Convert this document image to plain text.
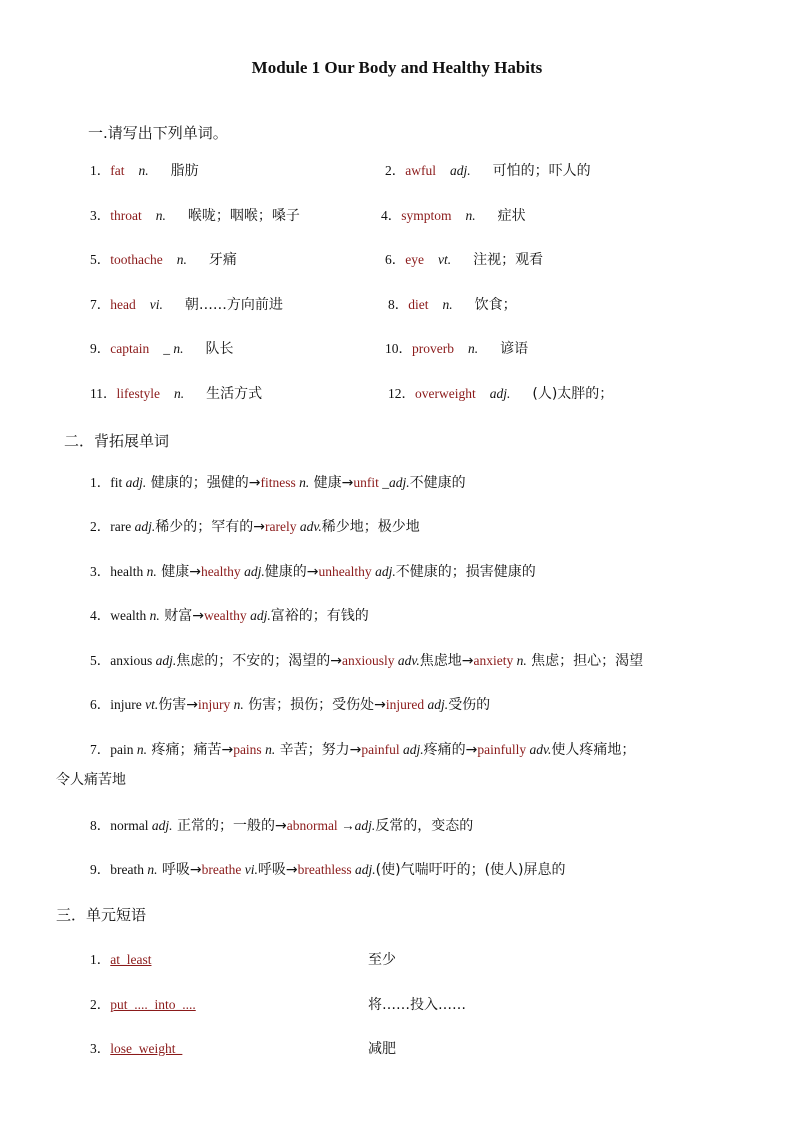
Module 1 Our Body and Healthy Habits
一.请写出下列单词。
1．fat n. 脂肪	2．awful adj. 可怕的；吓人的
3．throat n. 喉咙；咽喉；嗓子	4．symptom n. 症状
5．toothache n. 牙痛	6．eye vt. 注视；观看
7．head vi. 朝……方向前进	8．diet n. 饮食；
9．captain _ n. 队长	10．proverb n. 谚语
11．lifestyle n. 生活方式	12．overweight adj. (人)太胖的；
二．背拓展单词
1．fit adj. 健康的；强健的→fitness n. 健康→unfit _adj.不健康的
2．rare adj.稀少的；罕有的→rarely adv.稀少地；极少地
3．health n. 健康→healthy adj.健康的→unhealthy adj.不健康的；损害健康的
4．wealth n. 财富→wealthy adj.富裕的；有钱的
5．anxious adj.焦虑的；不安的；渴望的→anxiously adv.焦虑地→anxiety n. 焦虑；担心；渴望
6．injure vt.伤害→injury n. 伤害；损伤；受伤处→injured adj.受伤的
7．pain n. 疼痛；痛苦→pains n. 辛苦；努力→painful adj.疼痛的→painfully adv.使人疼痛地；
令人痛苦地
8．normal adj. 正常的；一般的→abnormal →adj.反常的，变态的
9．breath n. 呼吸→breathe vi.呼吸→breathless adj.(使)气喘吁吁的；(使人)屏息的
三．单元短语
1．at_least	至少
2．put_...._into_....	将……投入……
3．lose_weight_	减肥
